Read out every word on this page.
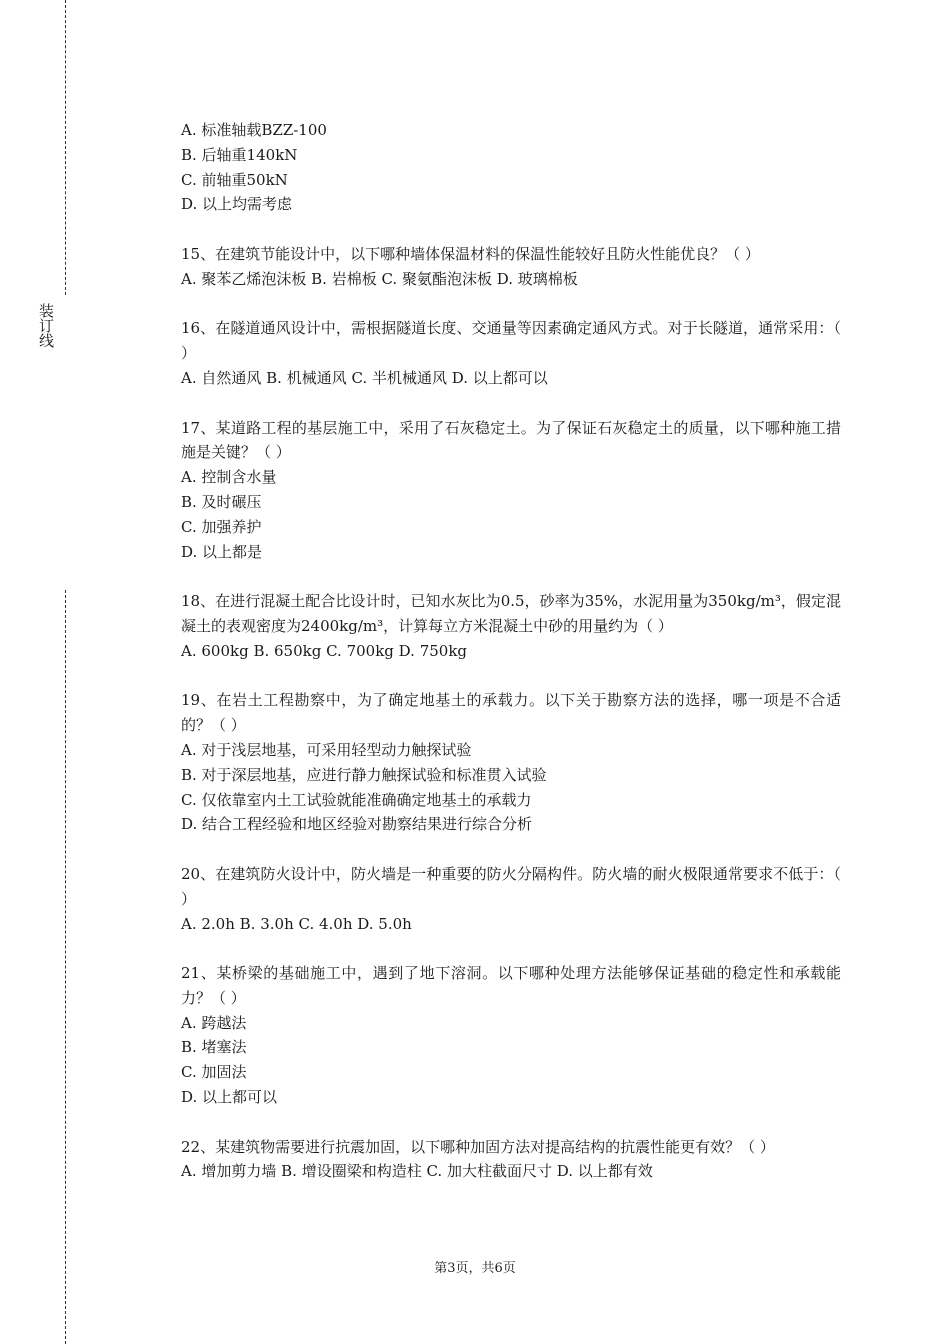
装订线
A. 标准轴载BZZ-100
B. 后轴重140kN
C. 前轴重50kN
D. 以上均需考虑
15、在建筑节能设计中，以下哪种墙体保温材料的保温性能较好且防火性能优良？（ ）
A. 聚苯乙烯泡沫板 B. 岩棉板 C. 聚氨酯泡沫板 D. 玻璃棉板
16、在隧道通风设计中，需根据隧道长度、交通量等因素确定通风方式。对于长隧道，通常采用：（ ）
A. 自然通风 B. 机械通风 C. 半机械通风 D. 以上都可以
17、某道路工程的基层施工中，采用了石灰稳定土。为了保证石灰稳定土的质量，以下哪种施工措施是关键？（ ）
A. 控制含水量
B. 及时碾压
C. 加强养护
D. 以上都是
18、在进行混凝土配合比设计时，已知水灰比为0.5，砂率为35%，水泥用量为350kg/m³，假定混凝土的表观密度为2400kg/m³，计算每立方米混凝土中砂的用量约为（ ）
A. 600kg B. 650kg C. 700kg D. 750kg
19、在岩土工程勘察中，为了确定地基土的承载力。以下关于勘察方法的选择，哪一项是不合适的？（ ）
A. 对于浅层地基，可采用轻型动力触探试验
B. 对于深层地基，应进行静力触探试验和标准贯入试验
C. 仅依靠室内土工试验就能准确确定地基土的承载力
D. 结合工程经验和地区经验对勘察结果进行综合分析
20、在建筑防火设计中，防火墙是一种重要的防火分隔构件。防火墙的耐火极限通常要求不低于：（ ）
A. 2.0h B. 3.0h C. 4.0h D. 5.0h
21、某桥梁的基础施工中，遇到了地下溶洞。以下哪种处理方法能够保证基础的稳定性和承载能力？（ ）
A. 跨越法
B. 堵塞法
C. 加固法
D. 以上都可以
22、某建筑物需要进行抗震加固，以下哪种加固方法对提高结构的抗震性能更有效？（ ）
A. 增加剪力墙 B. 增设圈梁和构造柱 C. 加大柱截面尺寸 D. 以上都有效
第3页，共6页
